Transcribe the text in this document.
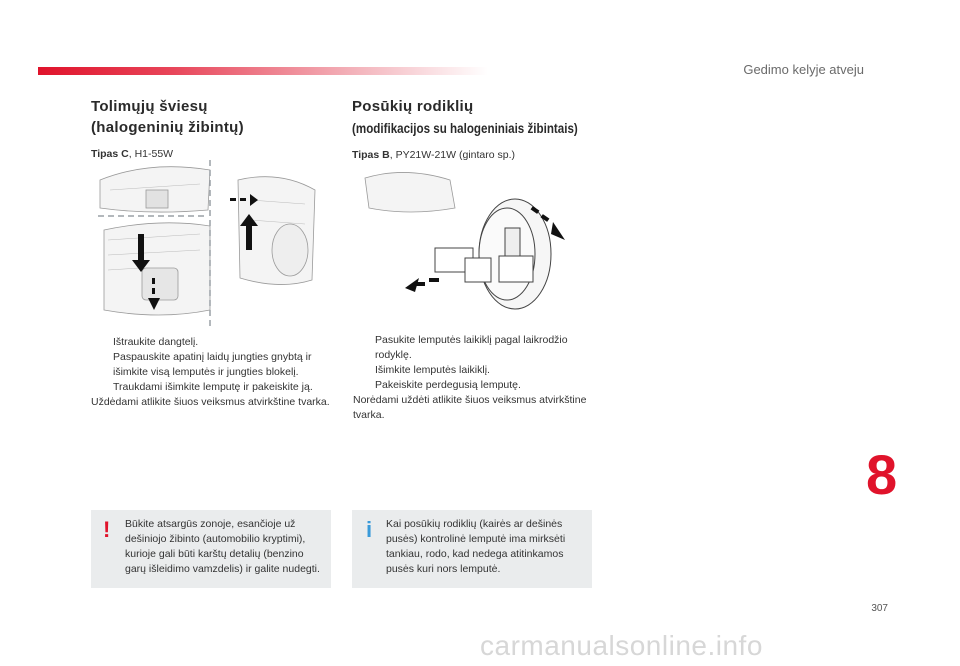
Gedimo kelyje atveju
Tolimųjų šviesų
(halogeninių žibintų)
Tipas C, H1-55W
Ištraukite dangtelį.
Paspauskite apatinį laidų jungties gnybtą ir išimkite visą lemputės ir jungties blokelį.
Traukdami išimkite lemputę ir pakeiskite ją.
Uždėdami atlikite šiuos veiksmus atvirkštine tvarka.
Posūkių rodiklių
(modifikacijos su halogeniniais žibintais)
Tipas B, PY21W-21W (gintaro sp.)
Pasukite lemputės laikiklį pagal laikrodžio rodyklę.
Išimkite lemputės laikiklį.
Pakeiskite perdegusią lemputę.
Norėdami uždėti atlikite šiuos veiksmus atvirkštine tvarka.
! Būkite atsargūs zonoje, esančioje už dešiniojo žibinto (automobilio kryptimi), kurioje gali būti karštų detalių (benzino garų išleidimo vamzdelis) ir galite nudegti.
i Kai posūkių rodiklių (kairės ar dešinės pusės) kontrolinė lemputė ima mirksėti tankiau, rodo, kad nedega atitinkamos pusės kuri nors lemputė.
8
307
carmanualsonline.info
